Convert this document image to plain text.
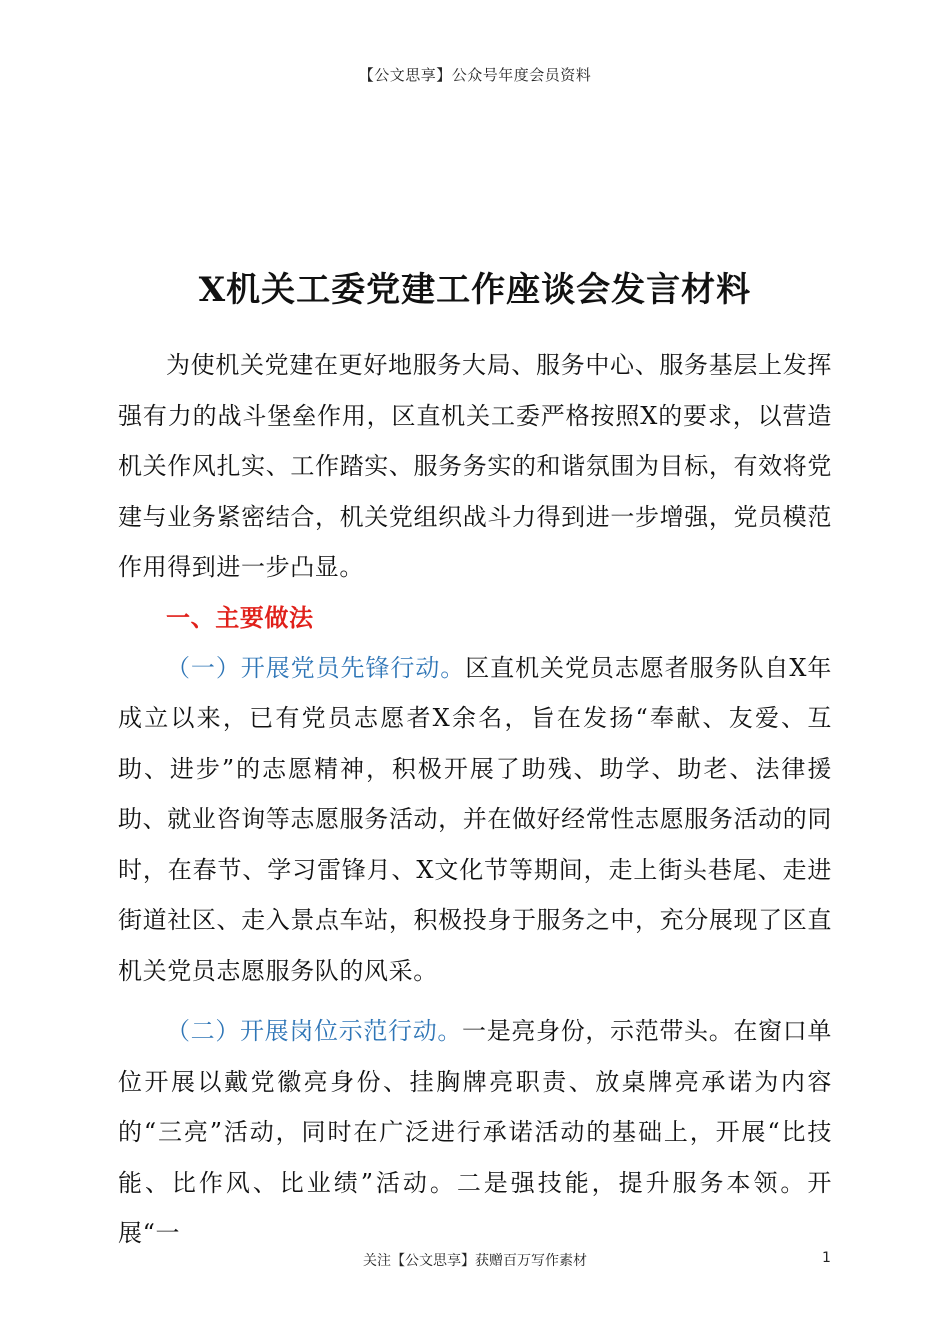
【公文思享】公众号年度会员资料
X机关工委党建工作座谈会发言材料

为使机关党建在更好地服务大局、服务中心、服务基层上发挥强有力的战斗堡垒作用，区直机关工委严格按照X的要求，以营造机关作风扎实、工作踏实、服务务实的和谐氛围为目标，有效将党建与业务紧密结合，机关党组织战斗力得到进一步增强，党员模范作用得到进一步凸显。

一、主要做法

（一）开展党员先锋行动。区直机关党员志愿者服务队自X年成立以来，已有党员志愿者X余名，旨在发扬“奉献、友爱、互助、进步”的志愿精神，积极开展了助残、助学、助老、法律援助、就业咨询等志愿服务活动，并在做好经常性志愿服务活动的同时，在春节、学习雷锋月、X文化节等期间，走上街头巷尾、走进街道社区、走入景点车站，积极投身于服务之中，充分展现了区直机关党员志愿服务队的风采。

（二）开展岗位示范行动。一是亮身份，示范带头。在窗口单位开展以戴党徽亮身份、挂胸牌亮职责、放桌牌亮承诺为内容的“三亮”活动，同时在广泛进行承诺活动的基础上，开展“比技能、比作风、比业绩”活动。二是强技能，提升服务本领。开展“一

关注【公文思享】获赠百万写作素材	1
